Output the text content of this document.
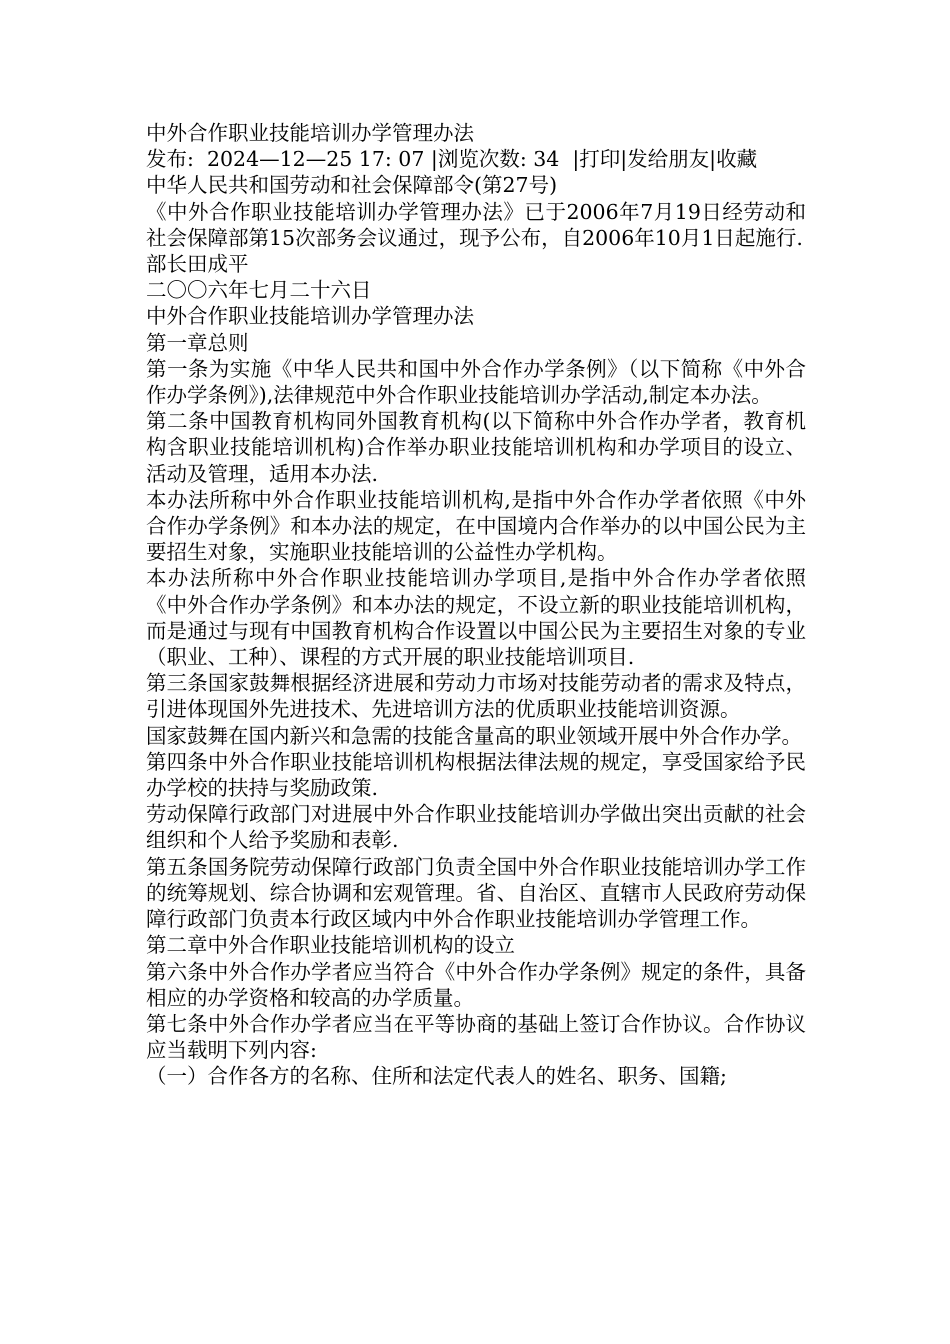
中外合作职业技能培训办学管理办法
发布:  2024—12—25 17: 07 |浏览次数: 34  |打印|发给朋友|收藏
中华人民共和国劳动和社会保障部令(第27号)
《中外合作职业技能培训办学管理办法》已于2006年7月19日经劳动和社会保障部第15次部务会议通过，现予公布，自2006年10月1日起施行.
部长田成平
二〇〇六年七月二十六日
中外合作职业技能培训办学管理办法
第一章总则
第一条为实施《中华人民共和国中外合作办学条例》（以下简称《中外合作办学条例》),法律规范中外合作职业技能培训办学活动,制定本办法。
第二条中国教育机构同外国教育机构(以下简称中外合作办学者，教育机构含职业技能培训机构)合作举办职业技能培训机构和办学项目的设立、活动及管理，适用本办法.
本办法所称中外合作职业技能培训机构,是指中外合作办学者依照《中外合作办学条例》和本办法的规定，在中国境内合作举办的以中国公民为主要招生对象，实施职业技能培训的公益性办学机构。
本办法所称中外合作职业技能培训办学项目,是指中外合作办学者依照《中外合作办学条例》和本办法的规定，不设立新的职业技能培训机构，而是通过与现有中国教育机构合作设置以中国公民为主要招生对象的专业（职业、工种）、课程的方式开展的职业技能培训项目.
第三条国家鼓舞根据经济进展和劳动力市场对技能劳动者的需求及特点，引进体现国外先进技术、先进培训方法的优质职业技能培训资源。
国家鼓舞在国内新兴和急需的技能含量高的职业领域开展中外合作办学。
第四条中外合作职业技能培训机构根据法律法规的规定，享受国家给予民办学校的扶持与奖励政策.
劳动保障行政部门对进展中外合作职业技能培训办学做出突出贡献的社会组织和个人给予奖励和表彰.
第五条国务院劳动保障行政部门负责全国中外合作职业技能培训办学工作的统筹规划、综合协调和宏观管理。省、自治区、直辖市人民政府劳动保障行政部门负责本行政区域内中外合作职业技能培训办学管理工作。
第二章中外合作职业技能培训机构的设立
第六条中外合作办学者应当符合《中外合作办学条例》规定的条件，具备相应的办学资格和较高的办学质量。
第七条中外合作办学者应当在平等协商的基础上签订合作协议。合作协议应当载明下列内容:
（一）合作各方的名称、住所和法定代表人的姓名、职务、国籍;
